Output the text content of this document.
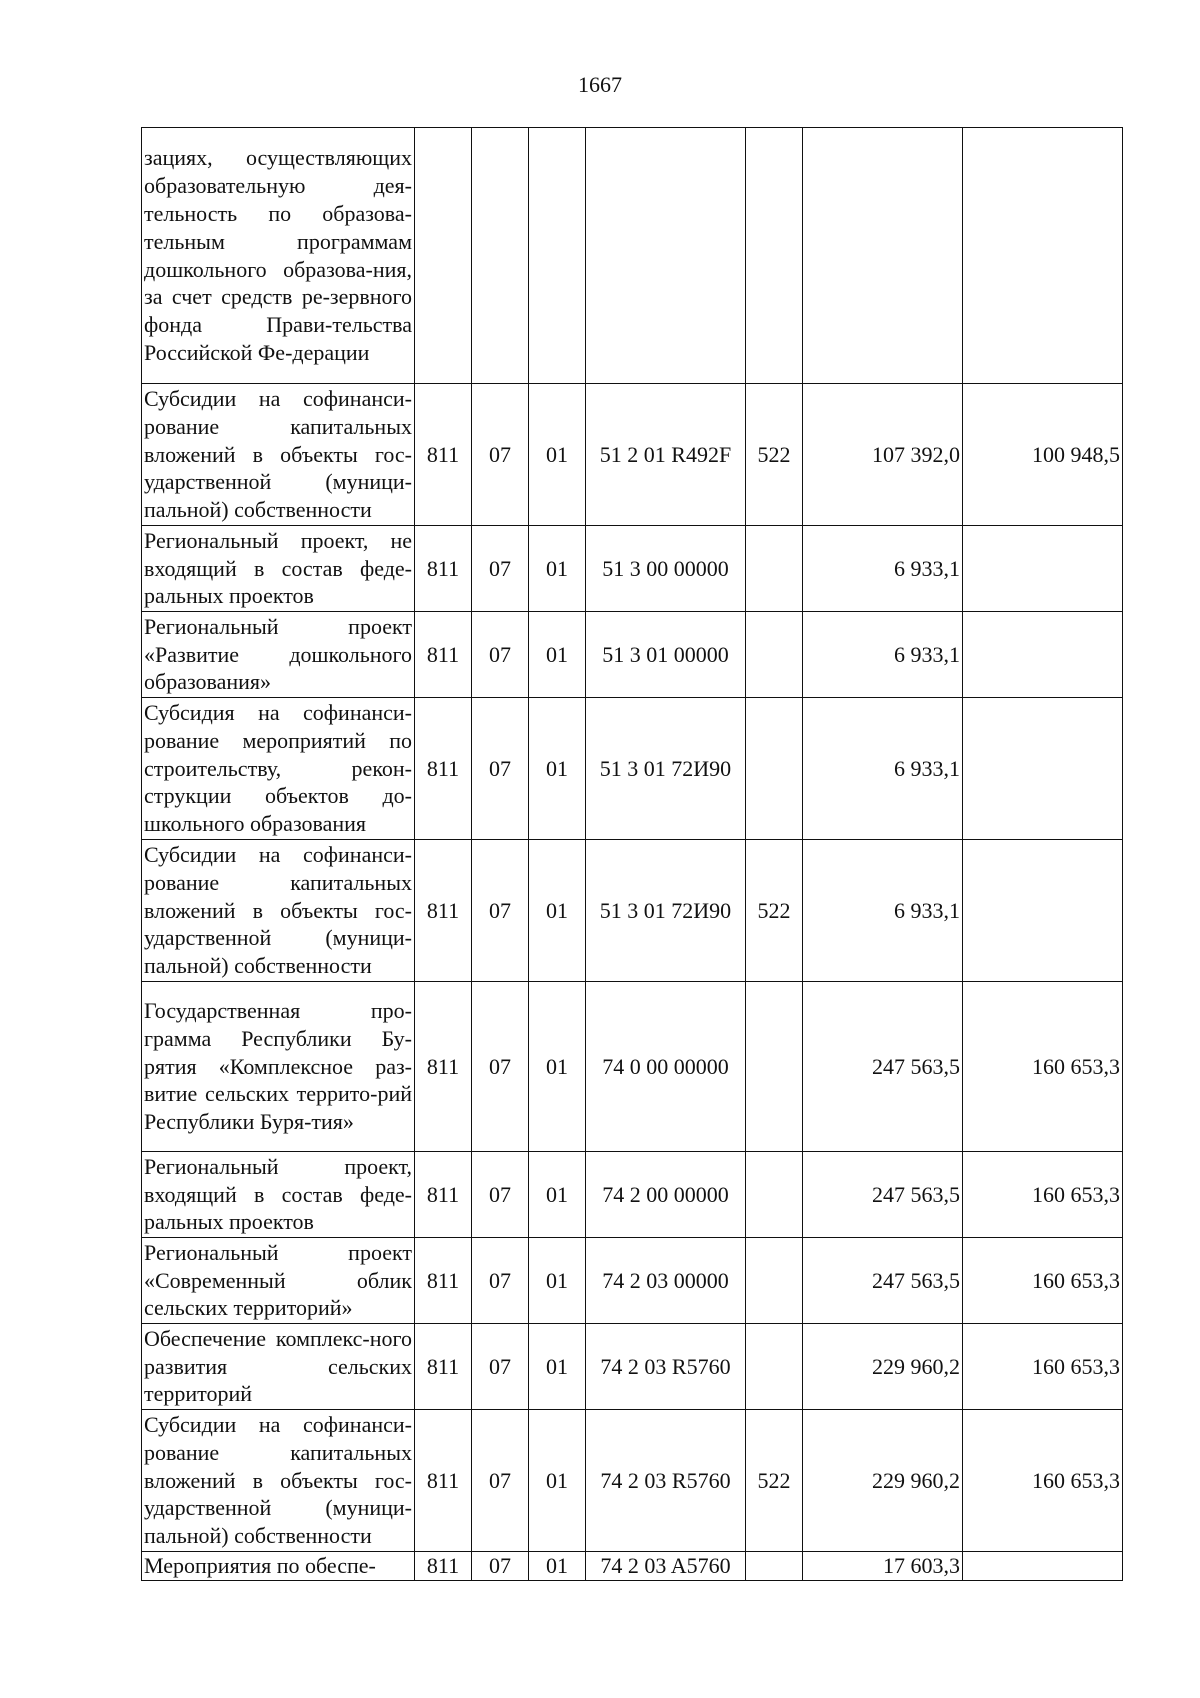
1667
зациях, осуществляющих образовательную дея-тельность по образова-тельным программам дошкольного образова-ния, за счет средств ре-зервного фонда Прави-тельства Российской Фе-дерации							
Субсидии на софинанси-рование капитальных вложений в объекты гос-ударственной (муници-пальной) собственности	811	07	01	51 2 01 R492F	522	107 392,0	100 948,5
Региональный проект, не входящий в состав феде-ральных проектов	811	07	01	51 3 00 00000		6 933,1	
Региональный проект «Развитие дошкольного образования»	811	07	01	51 3 01 00000		6 933,1	
Субсидия на софинанси-рование мероприятий по строительству, рекон-струкции объектов до-школьного образования	811	07	01	51 3 01 72И90		6 933,1	
Субсидии на софинанси-рование капитальных вложений в объекты гос-ударственной (муници-пальной) собственности	811	07	01	51 3 01 72И90	522	6 933,1	
Государственная про-грамма Республики Бу-рятия «Комплексное раз-витие сельских террито-рий Республики Буря-тия»	811	07	01	74 0 00 00000		247 563,5	160 653,3
Региональный проект, входящий в состав феде-ральных проектов	811	07	01	74 2 00 00000		247 563,5	160 653,3
Региональный проект «Современный облик сельских территорий»	811	07	01	74 2 03 00000		247 563,5	160 653,3
Обеспечение комплекс-ного развития сельских территорий	811	07	01	74 2 03 R5760		229 960,2	160 653,3
Субсидии на софинанси-рование капитальных вложений в объекты гос-ударственной (муници-пальной) собственности	811	07	01	74 2 03 R5760	522	229 960,2	160 653,3
Мероприятия по обеспе-	811	07	01	74 2 03 A5760		17 603,3	
